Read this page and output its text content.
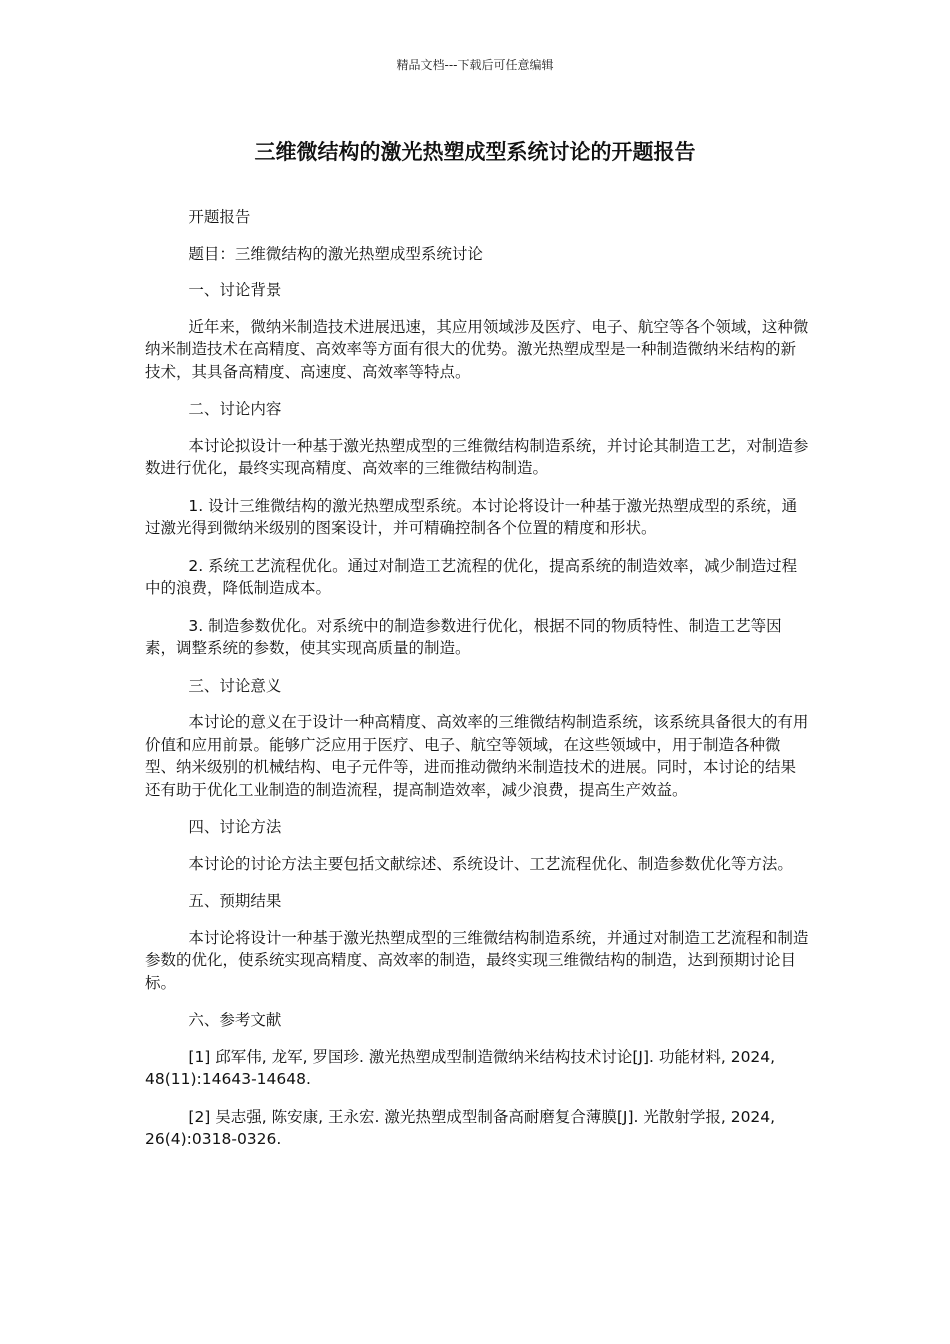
精品文档---下载后可任意编辑
三维微结构的激光热塑成型系统讨论的开题报告

开题报告

题目：三维微结构的激光热塑成型系统讨论

一、讨论背景

近年来，微纳米制造技术进展迅速，其应用领域涉及医疗、电子、航空等各个领域，这种微纳米制造技术在高精度、高效率等方面有很大的优势。激光热塑成型是一种制造微纳米结构的新技术，其具备高精度、高速度、高效率等特点。

二、讨论内容

本讨论拟设计一种基于激光热塑成型的三维微结构制造系统，并讨论其制造工艺，对制造参数进行优化，最终实现高精度、高效率的三维微结构制造。

1. 设计三维微结构的激光热塑成型系统。本讨论将设计一种基于激光热塑成型的系统，通过激光得到微纳米级别的图案设计，并可精确控制各个位置的精度和形状。

2. 系统工艺流程优化。通过对制造工艺流程的优化，提高系统的制造效率，减少制造过程中的浪费，降低制造成本。

3. 制造参数优化。对系统中的制造参数进行优化，根据不同的物质特性、制造工艺等因素，调整系统的参数，使其实现高质量的制造。

三、讨论意义

本讨论的意义在于设计一种高精度、高效率的三维微结构制造系统，该系统具备很大的有用价值和应用前景。能够广泛应用于医疗、电子、航空等领域，在这些领域中，用于制造各种微型、纳米级别的机械结构、电子元件等，进而推动微纳米制造技术的进展。同时，本讨论的结果还有助于优化工业制造的制造流程，提高制造效率，减少浪费，提高生产效益。

四、讨论方法

本讨论的讨论方法主要包括文献综述、系统设计、工艺流程优化、制造参数优化等方法。

五、预期结果

本讨论将设计一种基于激光热塑成型的三维微结构制造系统，并通过对制造工艺流程和制造参数的优化，使系统实现高精度、高效率的制造，最终实现三维微结构的制造，达到预期讨论目标。

六、参考文献

[1] 邱军伟, 龙军, 罗国珍. 激光热塑成型制造微纳米结构技术讨论[J]. 功能材料, 2024, 48(11):14643-14648.

[2] 吴志强, 陈安康, 王永宏. 激光热塑成型制备高耐磨复合薄膜[J]. 光散射学报, 2024, 26(4):0318-0326.
